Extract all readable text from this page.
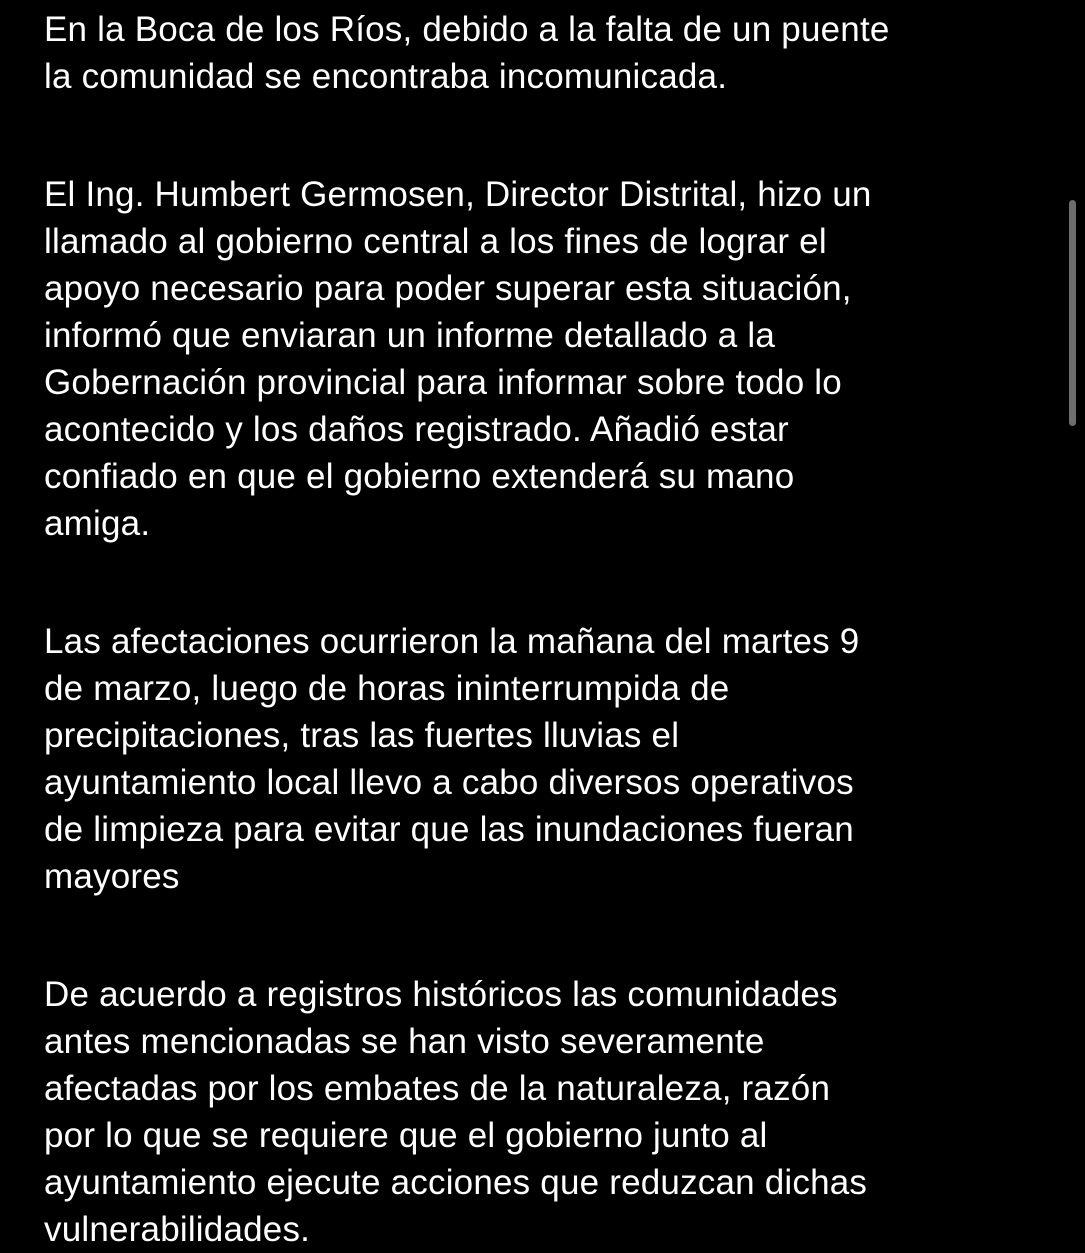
En la Boca de los Ríos, debido a la falta de un puente
la comunidad se encontraba incomunicada.

El Ing. Humbert Germosen, Director Distrital, hizo un
llamado al gobierno central a los fines de lograr el
apoyo necesario para poder superar esta situación,
informó que enviaran un informe detallado a la
Gobernación provincial para informar sobre todo lo
acontecido y los daños registrado. Añadió estar
confiado en que el gobierno extenderá su mano
amiga.

Las afectaciones ocurrieron la mañana del martes 9
de marzo, luego de horas ininterrumpida de
precipitaciones, tras las fuertes lluvias el
ayuntamiento local llevo a cabo diversos operativos
de limpieza para evitar que las inundaciones fueran
mayores

De acuerdo a registros históricos las comunidades
antes mencionadas se han visto severamente
afectadas por los embates de la naturaleza, razón
por lo que se requiere que el gobierno junto al
ayuntamiento ejecute acciones que reduzcan dichas
vulnerabilidades.
